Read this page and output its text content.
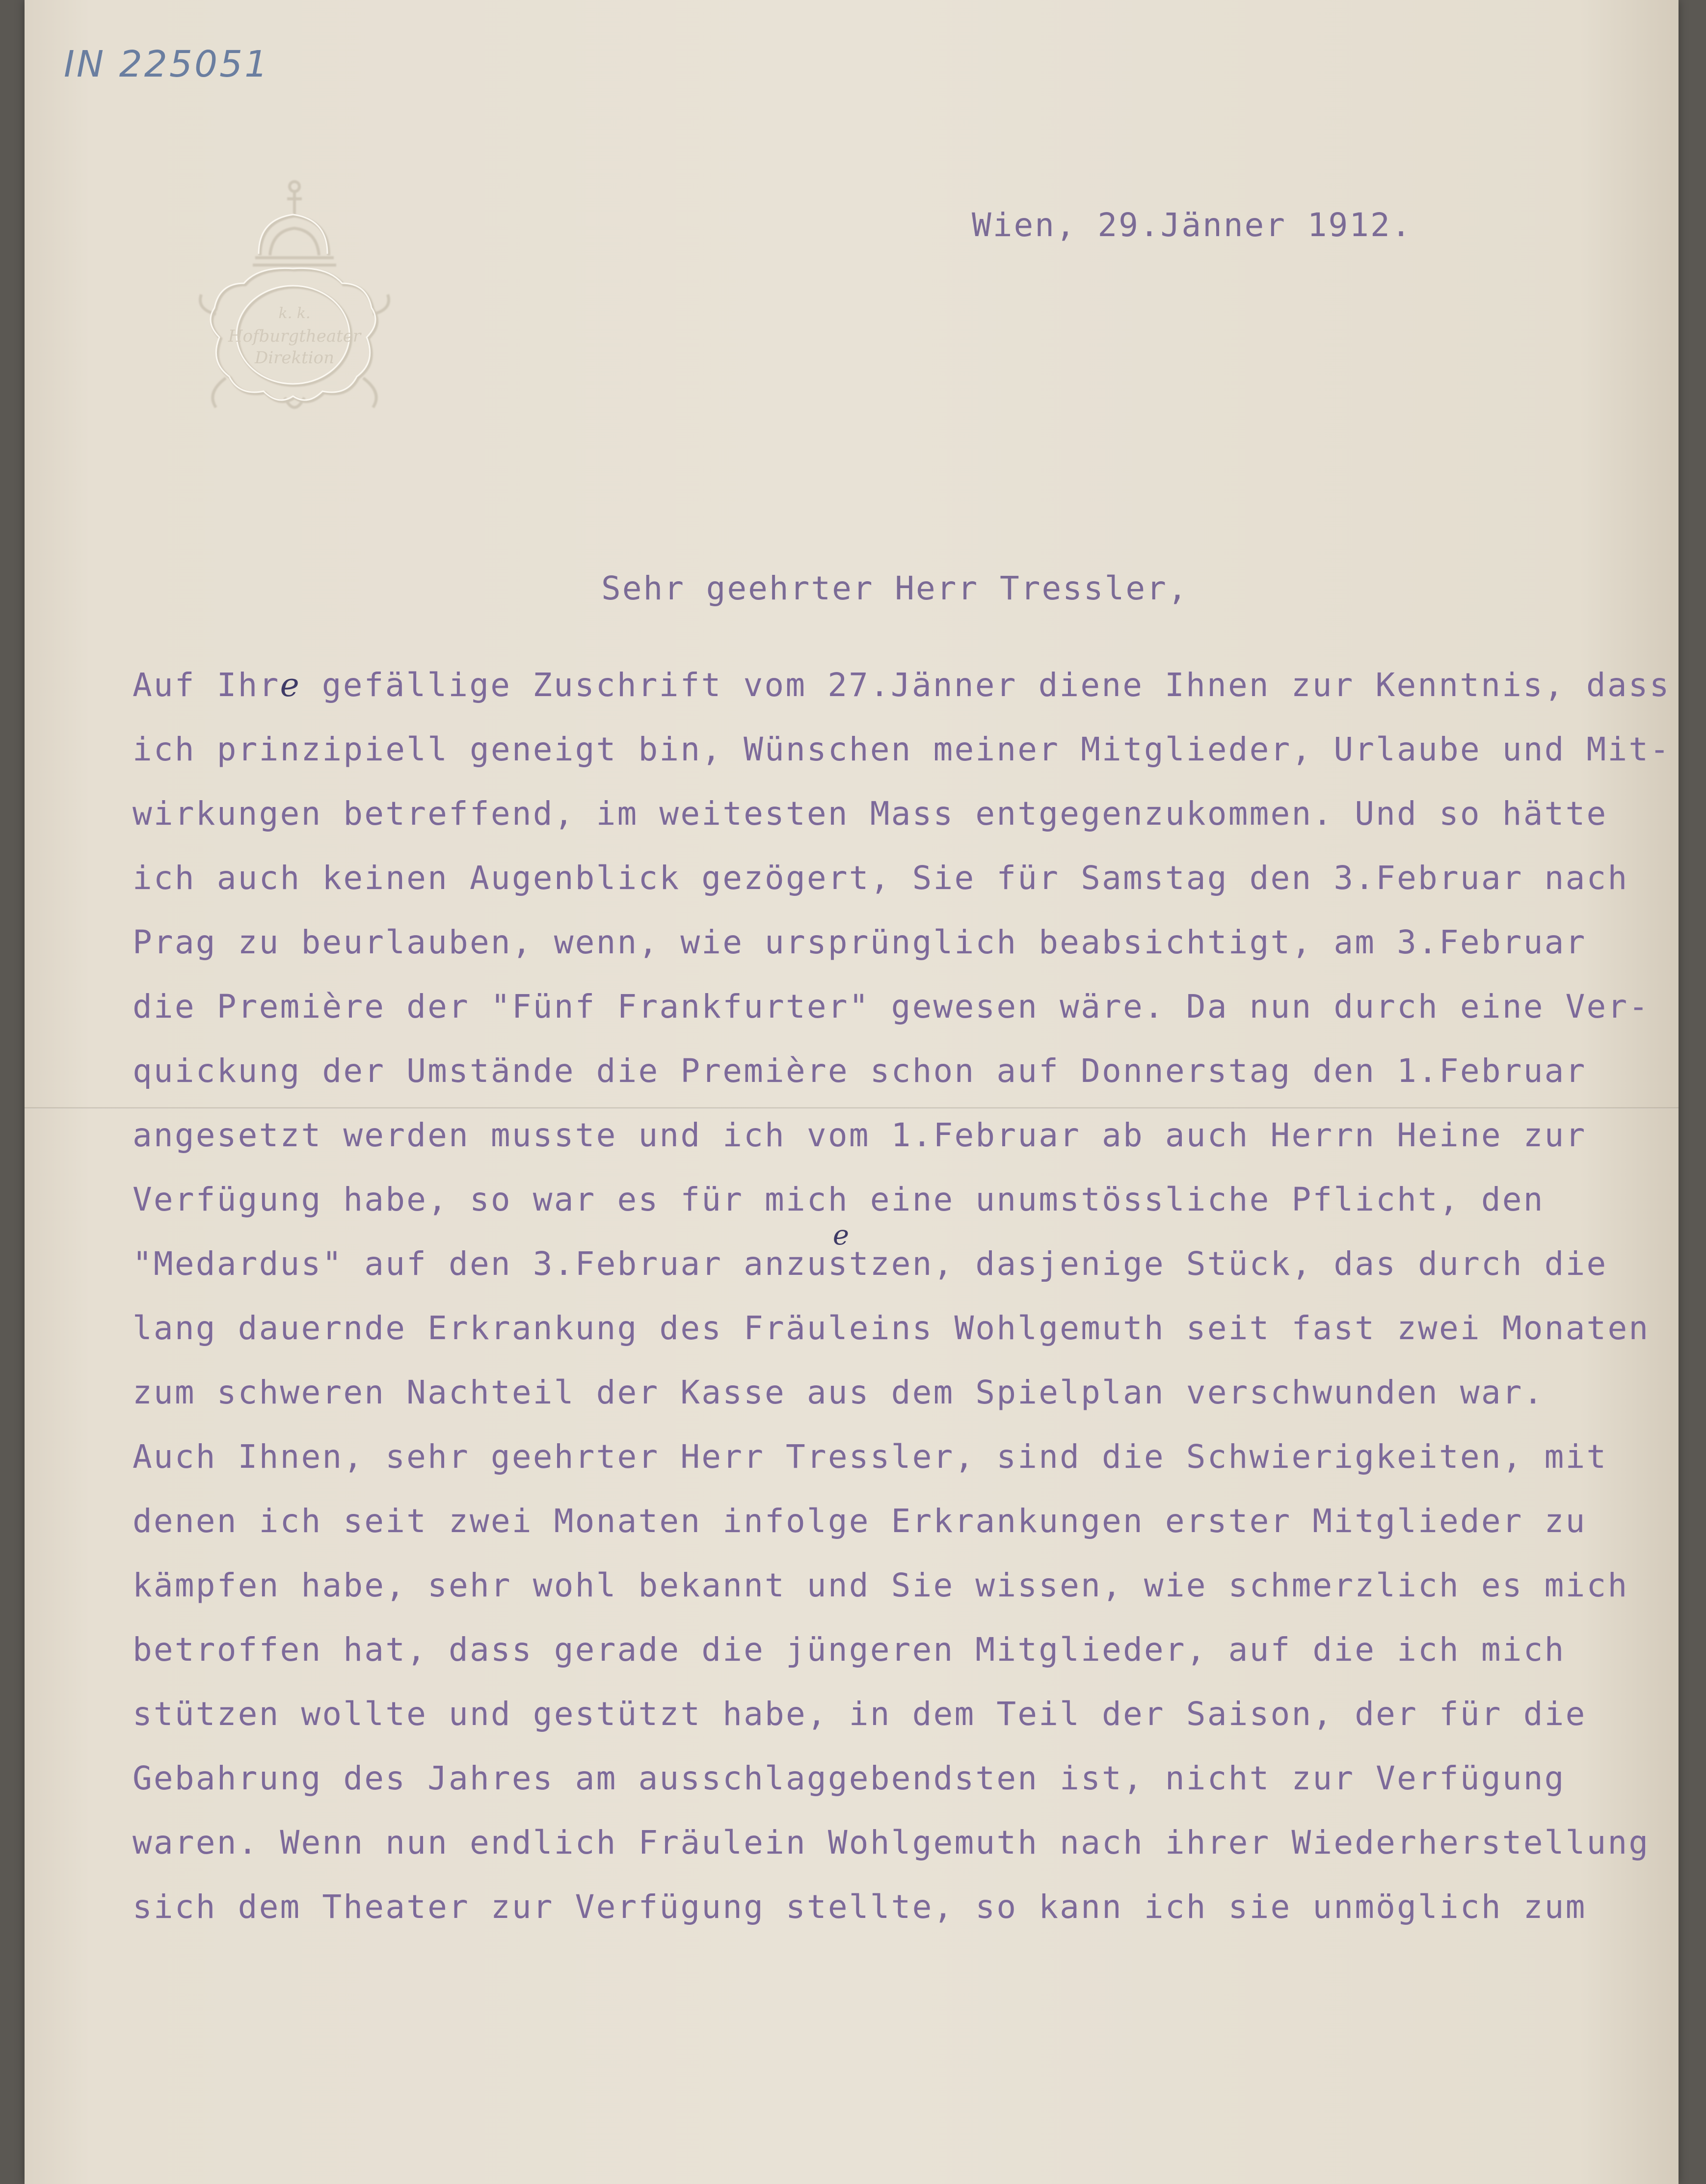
IN 225051
k. k.
Hofburgtheater
Direktion
Wien, 29.Jänner 1912.
Sehr geehrter Herr Tressler,
Auf Ihre gefällige Zuschrift vom 27.Jänner diene Ihnen zur Kenntnis, dass
ich prinzipiell geneigt bin, Wünschen meiner Mitglieder, Urlaube und Mit-
wirkungen betreffend, im weitesten Mass entgegenzukommen. Und so hätte
ich auch keinen Augenblick gezögert, Sie für Samstag den 3.Februar nach
Prag zu beurlauben, wenn, wie ursprünglich beabsichtigt, am 3.Februar
die Première der "Fünf Frankfurter" gewesen wäre. Da nun durch eine Ver-
quickung der Umstände die Première schon auf Donnerstag den 1.Februar
angesetzt werden musste und ich vom 1.Februar ab auch Herrn Heine zur
Verfügung habe, so war es für mich eine unumstössliche Pflicht, den
"Medardus" auf den 3.Februar anzus
e
tzen, dasjenige Stück, das durch die
lang dauernde Erkrankung des Fräuleins Wohlgemuth seit fast zwei Monaten
zum schweren Nachteil der Kasse aus dem Spielplan verschwunden war.
Auch Ihnen, sehr geehrter Herr Tressler, sind die Schwierigkeiten, mit
denen ich seit zwei Monaten infolge Erkrankungen erster Mitglieder zu
kämpfen habe, sehr wohl bekannt und Sie wissen, wie schmerzlich es mich
betroffen hat, dass gerade die jüngeren Mitglieder, auf die ich mich
stützen wollte und gestützt habe, in dem Teil der Saison, der für die
Gebahrung des Jahres am ausschlaggebendsten ist, nicht zur Verfügung
waren. Wenn nun endlich Fräulein Wohlgemuth nach ihrer Wiederherstellung
sich dem Theater zur Verfügung stellte, so kann ich sie unmöglich zum
